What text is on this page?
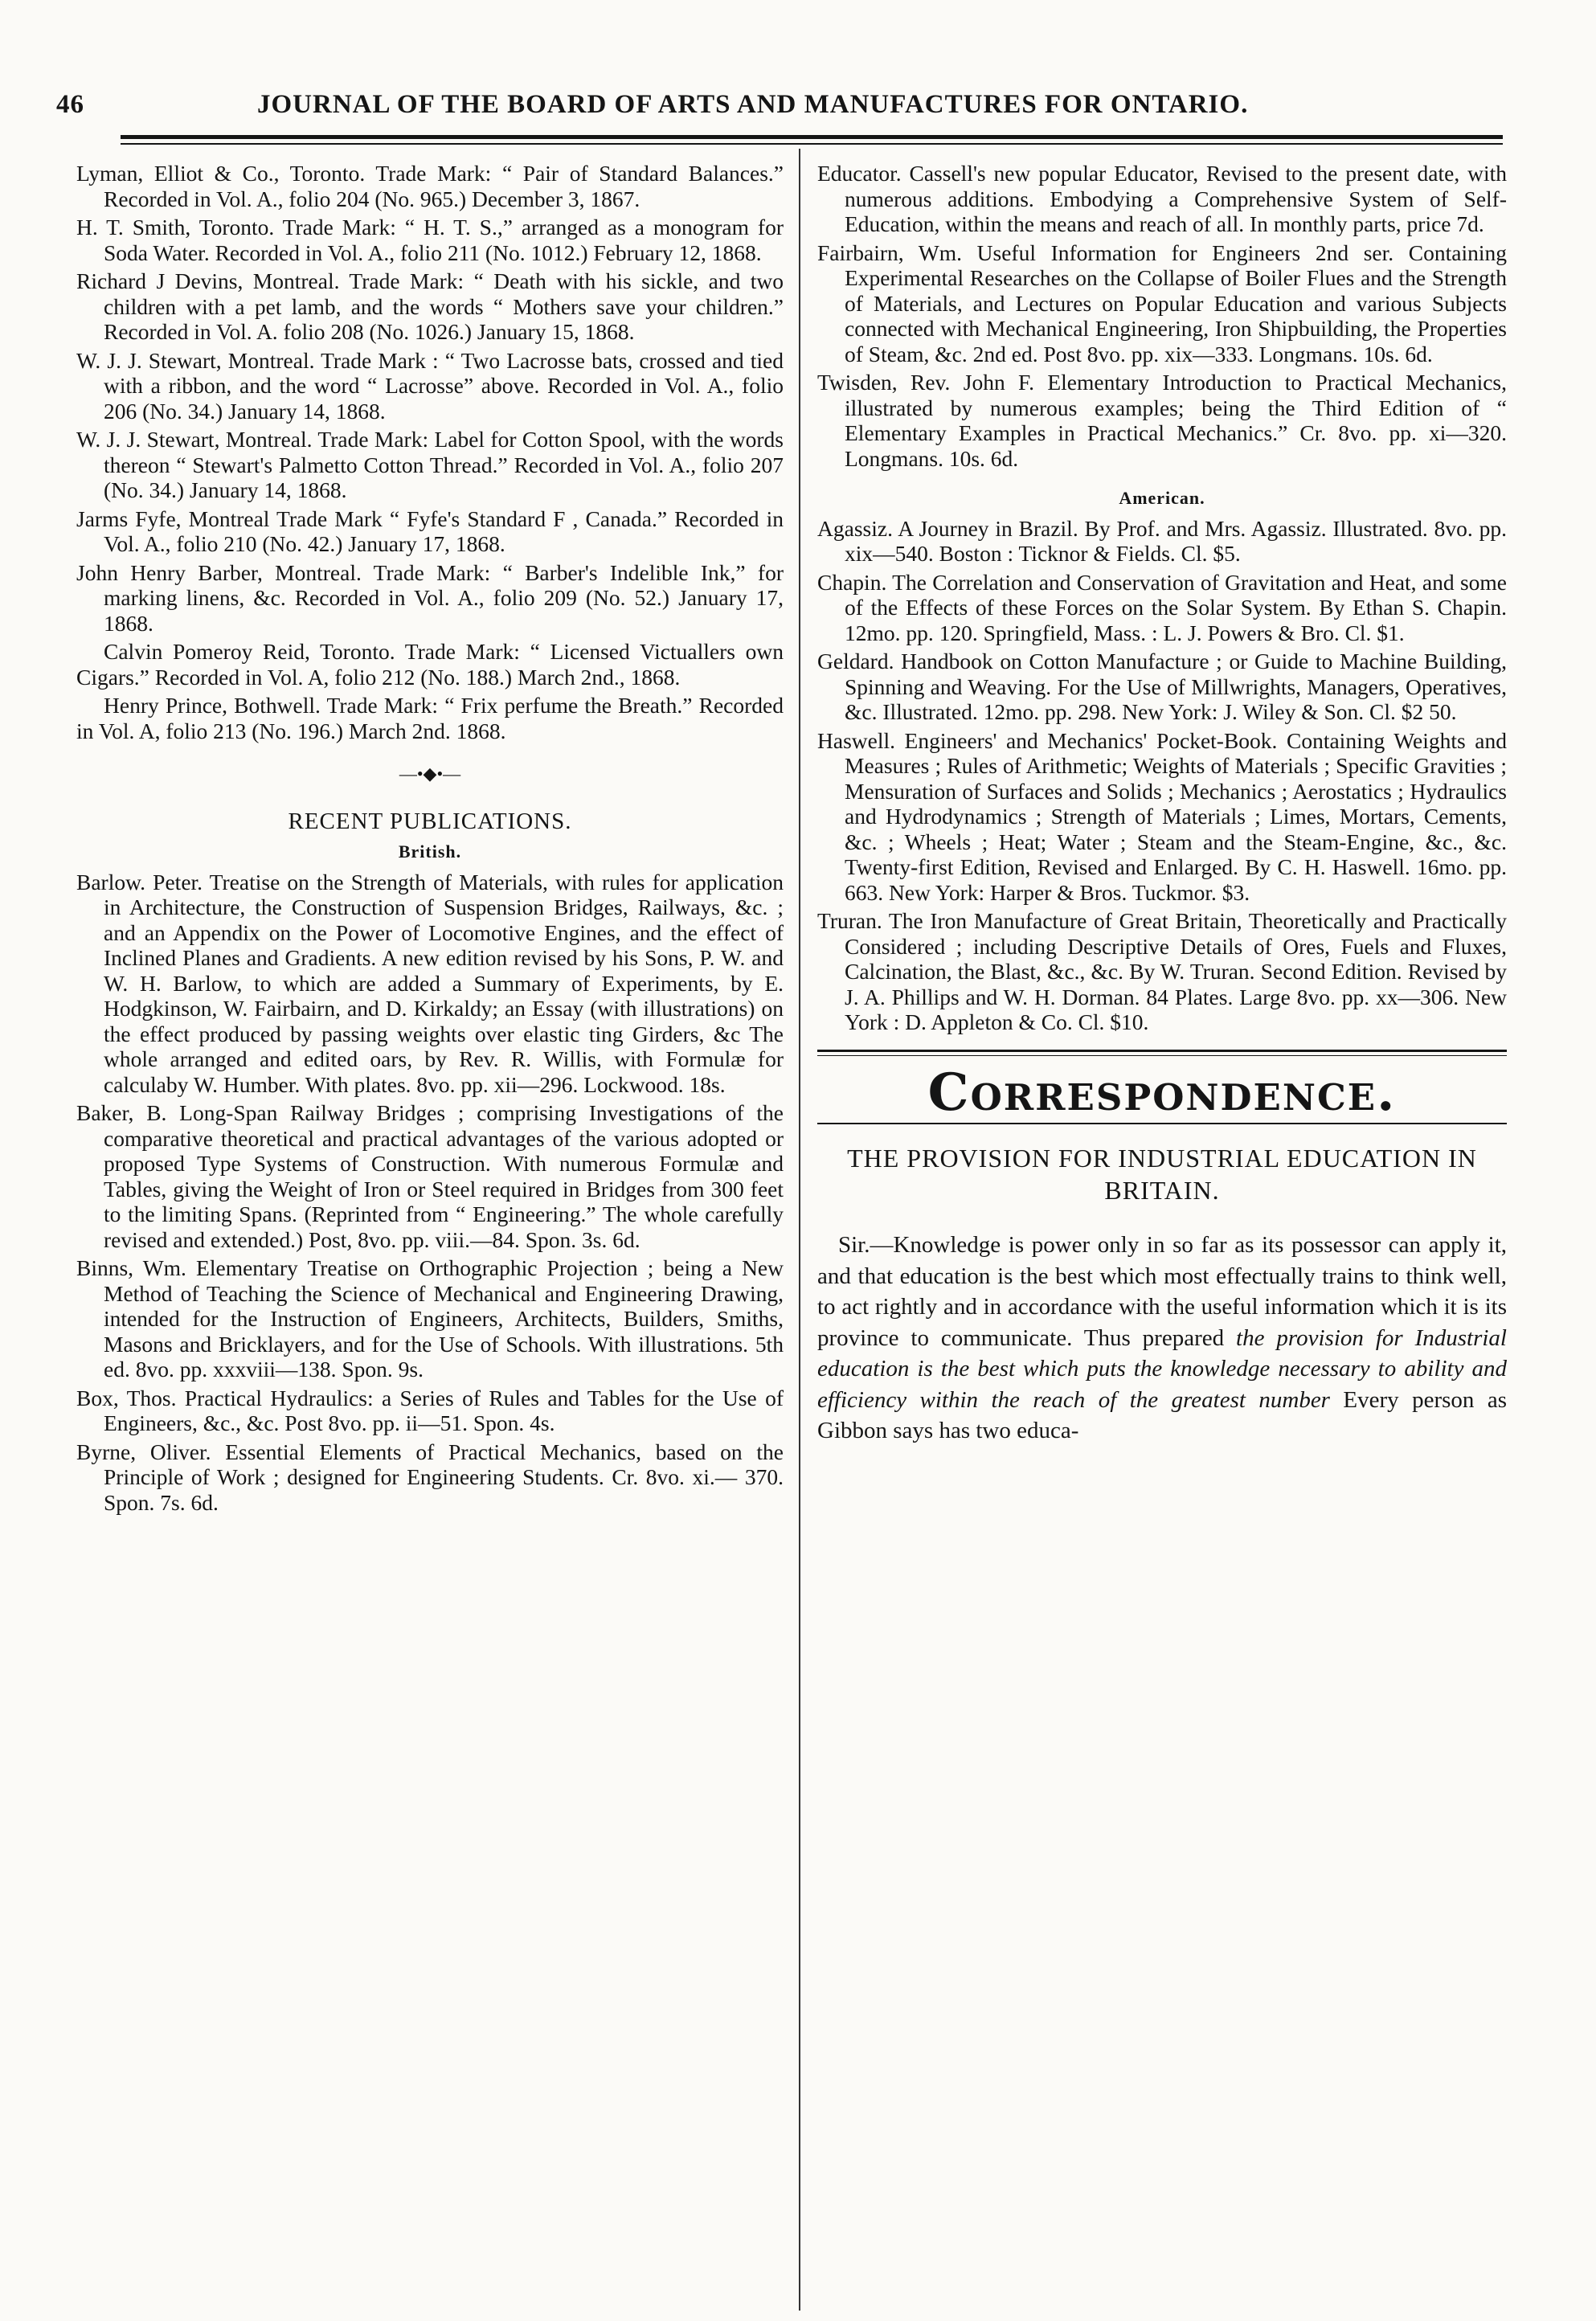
46	JOURNAL OF THE BOARD OF ARTS AND MANUFACTURES FOR ONTARIO.

Lyman, Elliot & Co., Toronto. Trade Mark: “ Pair of Standard Balances.” Recorded in Vol. A., folio 204 (No. 965.) December 3, 1867.

H. T. Smith, Toronto. Trade Mark: “ H. T. S.,” arranged as a monogram for Soda Water. Recorded in Vol. A., folio 211 (No. 1012.) February 12, 1868.

Richard J Devins, Montreal. Trade Mark: “ Death with his sickle, and two children with a pet lamb, and the words “ Mothers save your children.” Recorded in Vol. A. folio 208 (No. 1026.) January 15, 1868.

W. J. J. Stewart, Montreal. Trade Mark : “ Two Lacrosse bats, crossed and tied with a ribbon, and the word “ Lacrosse” above. Recorded in Vol. A., folio 206 (No. 34.) January 14, 1868.

W. J. J. Stewart, Montreal. Trade Mark: Label for Cotton Spool, with the words thereon “ Stewart's Palmetto Cotton Thread.” Recorded in Vol. A., folio 207 (No. 34.) January 14, 1868.

Jarms Fyfe, Montreal Trade Mark “ Fyfe's Standard F , Canada.” Recorded in Vol. A., folio 210 (No. 42.) January 17, 1868.

John Henry Barber, Montreal. Trade Mark: “ Barber's Indelible Ink,” for marking linens, &c. Recorded in Vol. A., folio 209 (No. 52.) January 17, 1868.

Calvin Pomeroy Reid, Toronto. Trade Mark: “ Licensed Victuallers own Cigars.” Recorded in Vol. A, folio 212 (No. 188.) March 2nd., 1868.

Henry Prince, Bothwell. Trade Mark: “ Frix perfume the Breath.” Recorded in Vol. A, folio 213 (No. 196.) March 2nd. 1868.

—•◆•—
RECENT PUBLICATIONS.
British.

Barlow. Peter. Treatise on the Strength of Materials, with rules for application in Architecture, the Construction of Suspension Bridges, Railways, &c. ; and an Appendix on the Power of Locomotive Engines, and the effect of Inclined Planes and Gradients. A new edition revised by his Sons, P. W. and W. H. Barlow, to which are added a Summary of Experiments, by E. Hodgkinson, W. Fairbairn, and D. Kirkaldy; an Essay (with illustrations) on the effect produced by passing weights over elastic ting Girders, &c The whole arranged and edited oars, by Rev. R. Willis, with Formulæ for calculaby W. Humber. With plates. 8vo. pp. xii—296. Lockwood. 18s.

Baker, B. Long-Span Railway Bridges ; comprising Investigations of the comparative theoretical and practical advantages of the various adopted or proposed Type Systems of Construction. With numerous Formulæ and Tables, giving the Weight of Iron or Steel required in Bridges from 300 feet to the limiting Spans. (Reprinted from “ Engineering.” The whole carefully revised and extended.) Post, 8vo. pp. viii.—84. Spon. 3s. 6d.

Binns, Wm. Elementary Treatise on Orthographic Projection ; being a New Method of Teaching the Science of Mechanical and Engineering Drawing, intended for the Instruction of Engineers, Architects, Builders, Smiths, Masons and Bricklayers, and for the Use of Schools. With illustrations. 5th ed. 8vo. pp. xxxviii—138. Spon. 9s.

Box, Thos. Practical Hydraulics: a Series of Rules and Tables for the Use of Engineers, &c., &c. Post 8vo. pp. ii—51. Spon. 4s.

Byrne, Oliver. Essential Elements of Practical Mechanics, based on the Principle of Work ; designed for Engineering Students. Cr. 8vo. xi.— 370. Spon. 7s. 6d.

Educator. Cassell's new popular Educator, Revised to the present date, with numerous additions. Embodying a Comprehensive System of Self-Education, within the means and reach of all. In monthly parts, price 7d.

Fairbairn, Wm. Useful Information for Engineers 2nd ser. Containing Experimental Researches on the Collapse of Boiler Flues and the Strength of Materials, and Lectures on Popular Education and various Subjects connected with Mechanical Engineering, Iron Shipbuilding, the Properties of Steam, &c. 2nd ed. Post 8vo. pp. xix—333. Longmans. 10s. 6d.

Twisden, Rev. John F. Elementary Introduction to Practical Mechanics, illustrated by numerous examples; being the Third Edition of “ Elementary Examples in Practical Mechanics.” Cr. 8vo. pp. xi—320. Longmans. 10s. 6d.

American.

Agassiz. A Journey in Brazil. By Prof. and Mrs. Agassiz. Illustrated. 8vo. pp. xix—540. Boston : Ticknor & Fields. Cl. $5.

Chapin. The Correlation and Conservation of Gravitation and Heat, and some of the Effects of these Forces on the Solar System. By Ethan S. Chapin. 12mo. pp. 120. Springfield, Mass. : L. J. Powers & Bro. Cl. $1.

Geldard. Handbook on Cotton Manufacture ; or Guide to Machine Building, Spinning and Weaving. For the Use of Millwrights, Managers, Operatives, &c. Illustrated. 12mo. pp. 298. New York: J. Wiley & Son. Cl. $2 50.

Haswell. Engineers' and Mechanics' Pocket-Book. Containing Weights and Measures ; Rules of Arithmetic; Weights of Materials ; Specific Gravities ; Mensuration of Surfaces and Solids ; Mechanics ; Aerostatics ; Hydraulics and Hydrodynamics ; Strength of Materials ; Limes, Mortars, Cements, &c. ; Wheels ; Heat; Water ; Steam and the Steam-Engine, &c., &c. Twenty-first Edition, Revised and Enlarged. By C. H. Haswell. 16mo. pp. 663. New York: Harper & Bros. Tuckmor. $3.

Truran. The Iron Manufacture of Great Britain, Theoretically and Practically Considered ; including Descriptive Details of Ores, Fuels and Fluxes, Calcination, the Blast, &c., &c. By W. Truran. Second Edition. Revised by J. A. Phillips and W. H. Dorman. 84 Plates. Large 8vo. pp. xx—306. New York : D. Appleton & Co. Cl. $10.

Correspondence.
THE PROVISION FOR INDUSTRIAL EDUCATION IN BRITAIN.

Sir.—Knowledge is power only in so far as its possessor can apply it, and that education is the best which most effectually trains to think well, to act rightly and in accordance with the useful information which it is its province to communicate. Thus prepared the provision for Industrial education is the best which puts the knowledge necessary to ability and efficiency within the reach of the greatest number Every person as Gibbon says has two educa-
